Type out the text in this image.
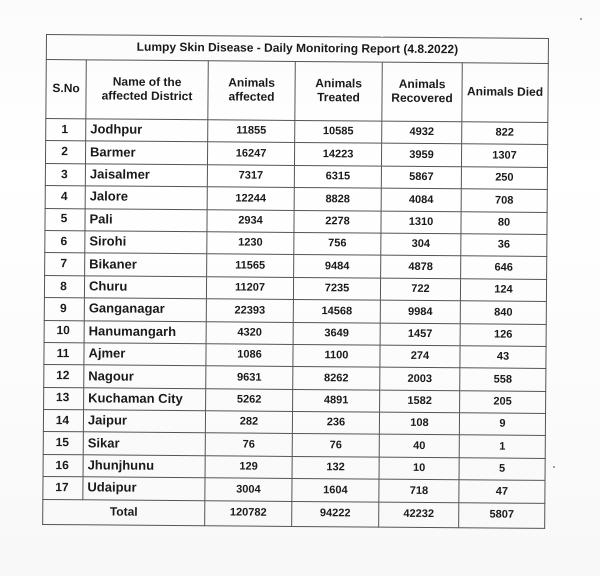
Lumpy Skin Disease - Daily Monitoring Report (4.8.2022)					
S.No	Name of the affected District	Animals affected	Animals Treated	Animals Recovered	Animals Died
1	Jodhpur	11855	10585	4932	822
2	Barmer	16247	14223	3959	1307
3	Jaisalmer	7317	6315	5867	250
4	Jalore	12244	8828	4084	708
5	Pali	2934	2278	1310	80
6	Sirohi	1230	756	304	36
7	Bikaner	11565	9484	4878	646
8	Churu	11207	7235	722	124
9	Ganganagar	22393	14568	9984	840
10	Hanumangarh	4320	3649	1457	126
11	Ajmer	1086	1100	274	43
12	Nagour	9631	8262	2003	558
13	Kuchaman City	5262	4891	1582	205
14	Jaipur	282	236	108	9
15	Sikar	76	76	40	1
16	Jhunjhunu	129	132	10	5
17	Udaipur	3004	1604	718	47
Total		120782	94222	42232	5807
